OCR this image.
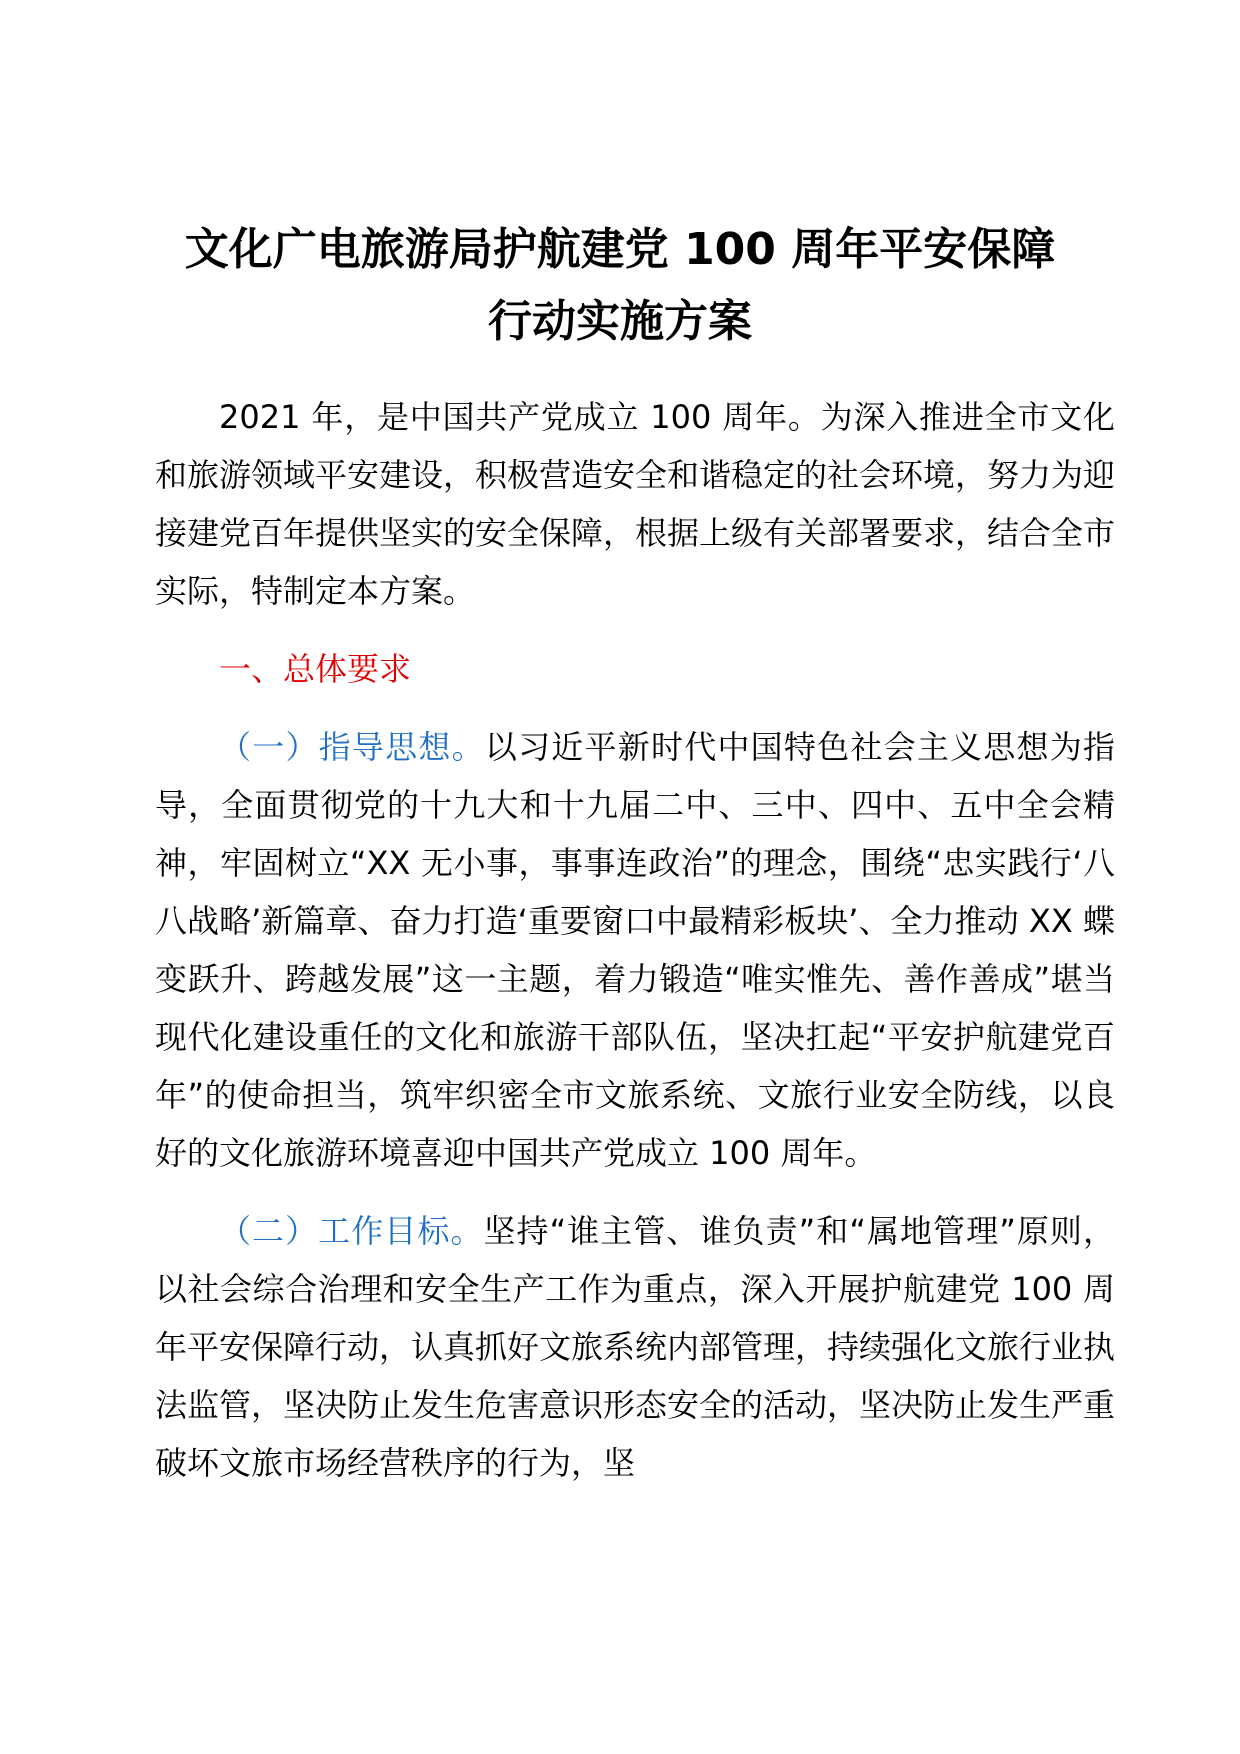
文化广电旅游局护航建党 100 周年平安保障
行动实施方案

2021 年，是中国共产党成立 100 周年。为深入推进全市文化和旅游领域平安建设，积极营造安全和谐稳定的社会环境，努力为迎接建党百年提供坚实的安全保障，根据上级有关部署要求，结合全市实际，特制定本方案。

一、总体要求

（一）指导思想。以习近平新时代中国特色社会主义思想为指导，全面贯彻党的十九大和十九届二中、三中、四中、五中全会精神，牢固树立“XX 无小事，事事连政治”的理念，围绕“忠实践行‘八八战略’新篇章、奋力打造‘重要窗口中最精彩板块’、全力推动 XX 蝶变跃升、跨越发展”这一主题，着力锻造“唯实惟先、善作善成”堪当现代化建设重任的文化和旅游干部队伍，坚决扛起“平安护航建党百年”的使命担当，筑牢织密全市文旅系统、文旅行业安全防线，以良好的文化旅游环境喜迎中国共产党成立 100 周年。

（二）工作目标。坚持“谁主管、谁负责”和“属地管理”原则，以社会综合治理和安全生产工作为重点，深入开展护航建党 100 周年平安保障行动，认真抓好文旅系统内部管理，持续强化文旅行业执法监管，坚决防止发生危害意识形态安全的活动，坚决防止发生严重破坏文旅市场经营秩序的行为，坚
